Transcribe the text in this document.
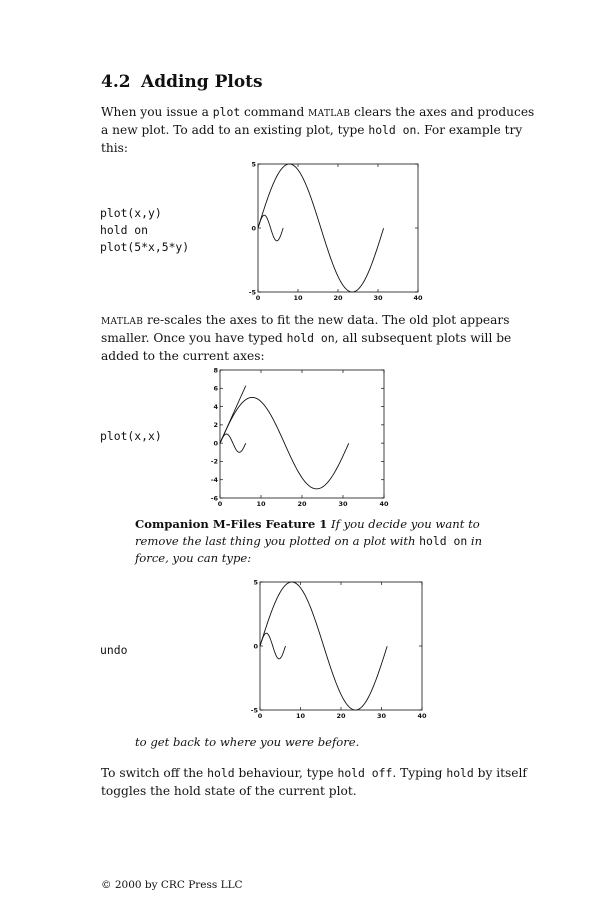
4.2 Adding Plots

When you issue a plot command matlab clears the axes and produces a new plot. To add to an existing plot, type hold on. For example try this:

plot(x,y)
hold on
plot(5*x,5*y)
0	10	20	30	40
-5
0
5

matlab re-scales the axes to fit the new data. The old plot appears smaller. Once you have typed hold on, all subsequent plots will be added to the current axes:

plot(x,x)
0	10	20	30	40
-6
-4
-2
0
2
4
6
8

Companion M-Files Feature 1 If you decide you want to remove the last thing you plotted on a plot with hold on in force, you can type:

undo
0	10	20	30	40
-5
0
5

to get back to where you were before.

To switch off the hold behaviour, type hold off. Typing hold by itself toggles the hold state of the current plot.

© 2000 by CRC Press LLC
